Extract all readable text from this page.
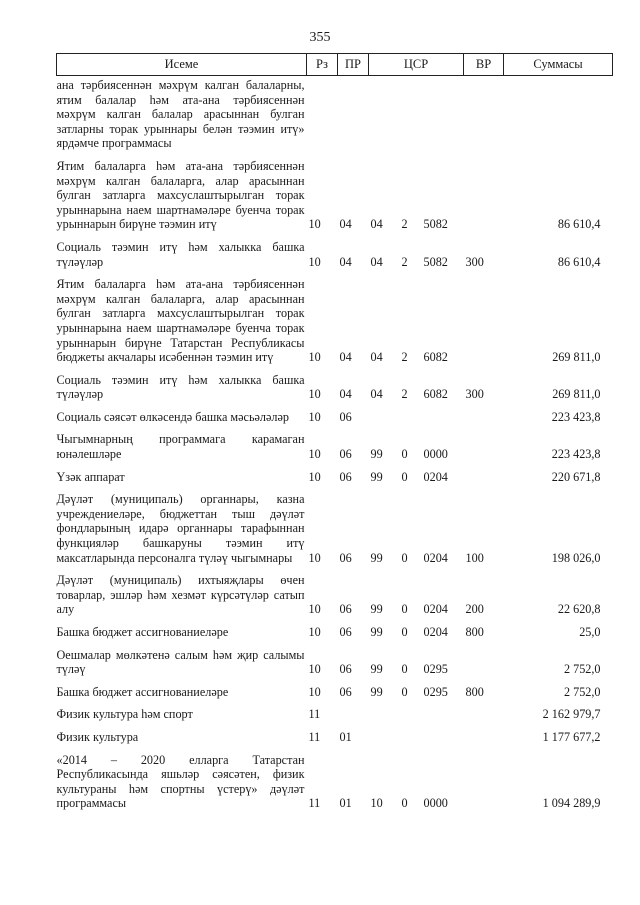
355
Исеме	Рз	ПР	ЦСР			ВР	Суммасы
ана тәрбиясеннән мәхрүм калган балаларны, ятим балалар һәм ата-ана тәрбиясеннән мәхрүм калган балалар арасыннан булган затларны торак урыннары белән тәэмин итү» ярдәмче программасы							
Ятим балаларга һәм ата-ана тәрбиясеннән мәхрүм калган балаларга, алар арасыннан булган затларга махсуслаштырылган торак урыннарына наем шартнамәләре буенча торак урыннарын бирүне тәэмин итү	10	04	04	2	5082		86 610,4
Социаль тәэмин итү һәм халыкка башка түләүләр	10	04	04	2	5082	300	86 610,4
Ятим балаларга һәм ата-ана тәрбиясеннән мәхрүм калган балаларга, алар арасыннан булган затларга махсуслаштырылган торак урыннарына наем шартнамәләре буенча торак урыннарын бирүне Татарстан Республикасы бюджеты акчалары исәбеннән тәэмин итү	10	04	04	2	6082		269 811,0
Социаль тәэмин итү һәм халыкка башка түләүләр	10	04	04	2	6082	300	269 811,0
Социаль сәясәт өлкәсендә башка мәсьәләләр	10	06					223 423,8
Чыгымнарның программага карамаган юнәлешләре	10	06	99	0	0000		223 423,8
Үзәк аппарат	10	06	99	0	0204		220 671,8
Дәүләт (муниципаль) органнары, казна учреждениеләре, бюджеттан тыш дәүләт фондларының идарә органнары тарафыннан функцияләр башкаруны тәэмин итү максатларында персоналга түләү чыгымнары	10	06	99	0	0204	100	198 026,0
Дәүләт (муниципаль) ихтыяҗлары өчен товарлар, эшләр һәм хезмәт күрсәтүләр сатып алу	10	06	99	0	0204	200	22 620,8
Башка бюджет ассигнованиеләре	10	06	99	0	0204	800	25,0
Оешмалар мөлкәтенә салым һәм җир салымы түләү	10	06	99	0	0295		2 752,0
Башка бюджет ассигнованиеләре	10	06	99	0	0295	800	2 752,0
Физик культура һәм спорт	11						2 162 979,7
Физик культура	11	01					1 177 677,2
«2014 – 2020 елларга Татарстан Республикасында яшьләр сәясәтен, физик культураны һәм спортны үстерү» дәүләт программасы	11	01	10	0	0000		1 094 289,9
